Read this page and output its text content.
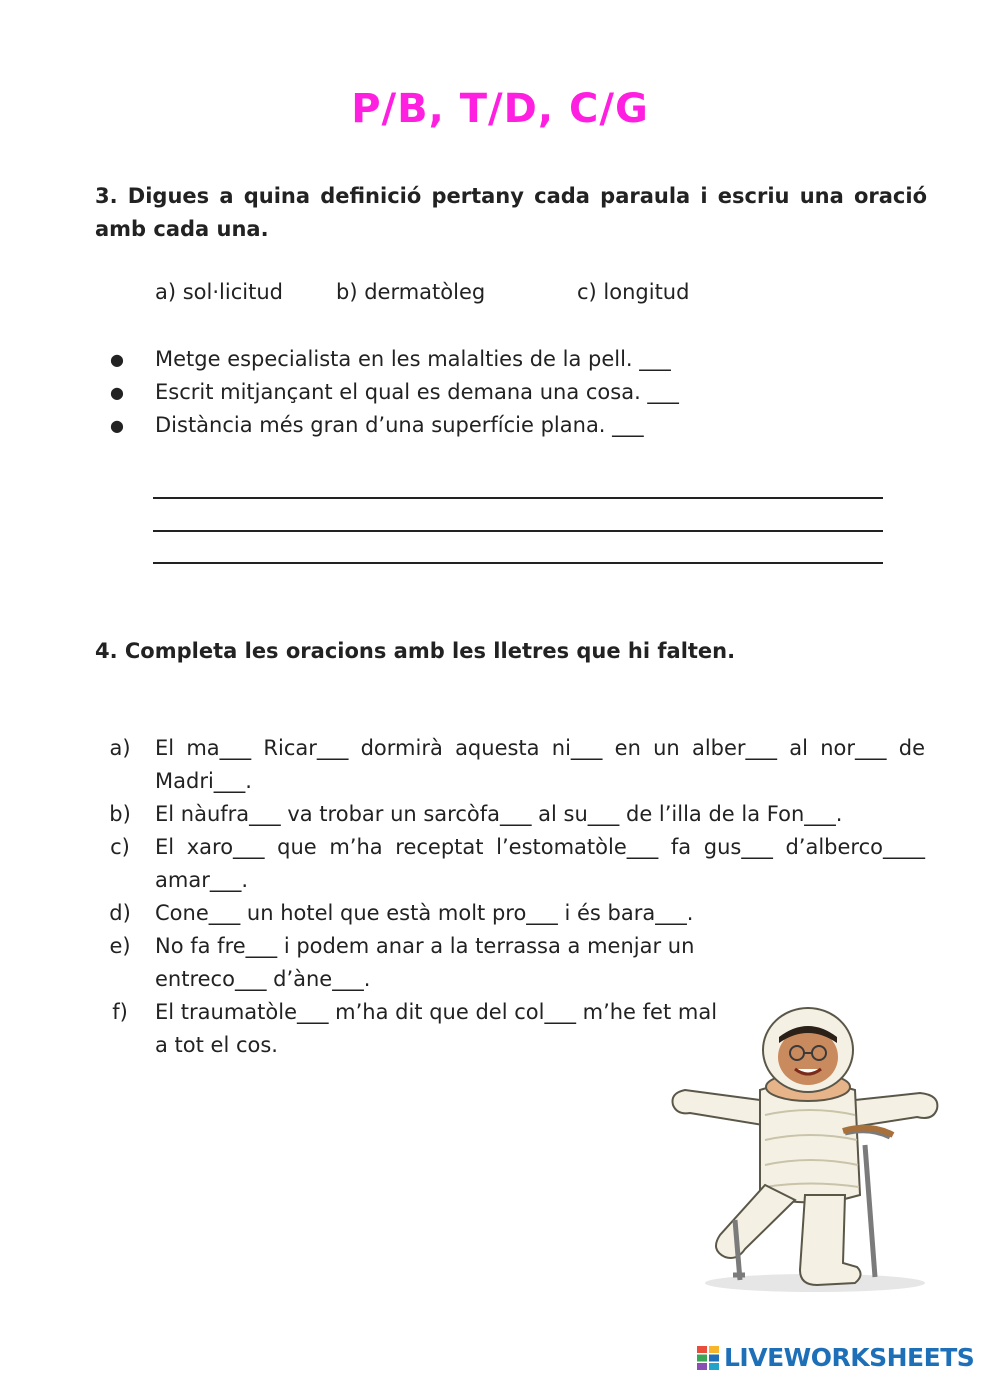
P/B, T/D, C/G

3. Digues a quina definició pertany cada paraula i escriu una oració amb cada una.

a) sol·licitud	b) dermatòleg	c) longitud
● Metge especialista en les malalties de la pell. ___
● Escrit mitjançant el qual es demana una cosa. ___
● Distància més gran d’una superfície plana. ___

4. Completa les oracions amb les lletres que hi falten.

a)	El ma___ Ricar___ dormirà aquesta ni___ en un alber___ al nor___ de Madri___.
b)	El nàufra___ va trobar un sarcòfa___ al su___ de l’illa de la Fon___.
c)	El xaro___ que m’ha receptat l’estomatòle___ fa gus___ d’alberco____ amar___.
d)	Cone___ un hotel que està molt pro___ i és bara___.
e)	No fa fre___ i podem anar a la terrassa a menjar un entreco___ d’àne___.
f)	El traumatòle___ m’ha dit que del col___ m’he fet mal a tot el cos.
LIVEWORKSHEETS
